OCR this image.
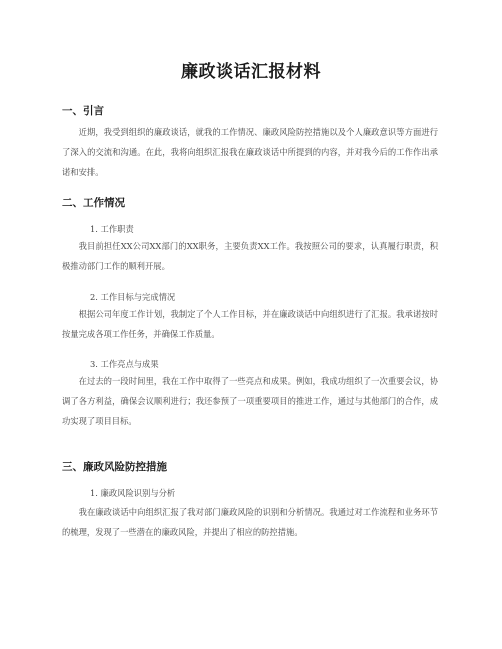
廉政谈话汇报材料
一、引言
近期，我受到组织的廉政谈话，就我的工作情况、廉政风险防控措施以及个人廉政意识等方面进行了深入的交流和沟通。在此，我将向组织汇报我在廉政谈话中所提到的内容，并对我今后的工作作出承诺和安排。
二、工作情况
1. 工作职责
我目前担任XX公司XX部门的XX职务，主要负责XX工作。我按照公司的要求，认真履行职责，积极推动部门工作的顺利开展。
2. 工作目标与完成情况
根据公司年度工作计划，我制定了个人工作目标，并在廉政谈话中向组织进行了汇报。我承诺按时按量完成各项工作任务，并确保工作质量。
3. 工作亮点与成果
在过去的一段时间里，我在工作中取得了一些亮点和成果。例如，我成功组织了一次重要会议，协调了各方利益，确保会议顺利进行；我还参预了一项重要项目的推进工作，通过与其他部门的合作，成功实现了项目目标。
三、廉政风险防控措施
1. 廉政风险识别与分析
我在廉政谈话中向组织汇报了我对部门廉政风险的识别和分析情况。我通过对工作流程和业务环节的梳理，发现了一些潜在的廉政风险，并提出了相应的防控措施。
